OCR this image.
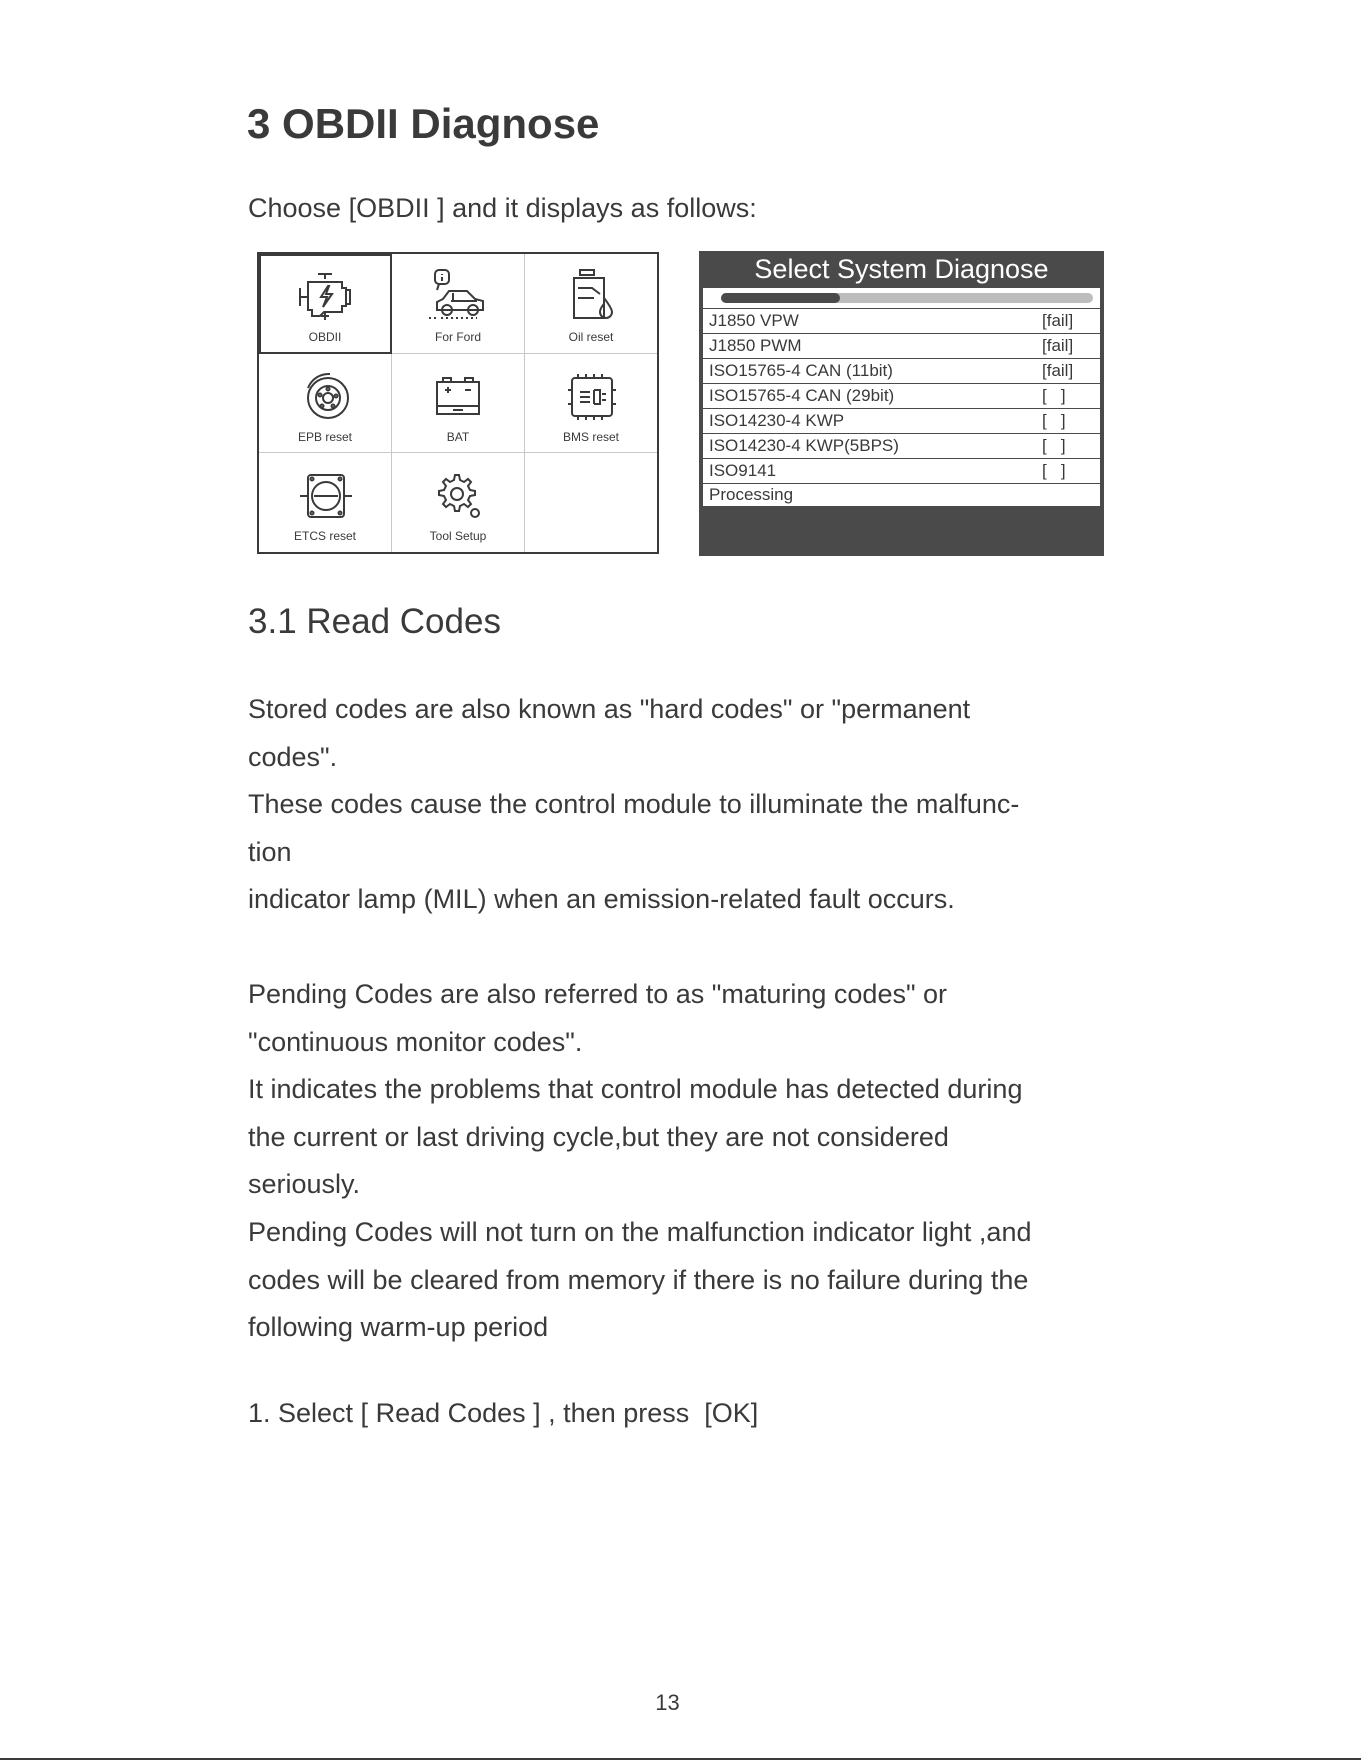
3 OBDII Diagnose

Choose [OBDII ] and it displays as follows:

OBDII	For Ford	Oil reset
EPB reset	BAT	BMS reset
ETCS reset	Tool Setup
Select System Diagnose
J1850 VPW	[fail]
J1850 PWM	[fail]
ISO15765-4 CAN (11bit)	[fail]
ISO15765-4 CAN (29bit)	[   ]
ISO14230-4 KWP	[   ]
ISO14230-4 KWP(5BPS)	[   ]
ISO9141	[   ]
Processing
3.1 Read Codes

Stored codes are also known as "hard codes" or "permanent
codes".
These codes cause the control module to illuminate the malfunc-
tion
indicator lamp (MIL) when an emission-related fault occurs.

Pending Codes are also referred to as "maturing codes" or
"continuous monitor codes".
It indicates the problems that control module has detected during
the current or last driving cycle,but they are not considered
seriously.
Pending Codes will not turn on the malfunction indicator light ,and
codes will be cleared from memory if there is no failure during the
following warm-up period

1. Select [ Read Codes ] , then press  [OK]

13
